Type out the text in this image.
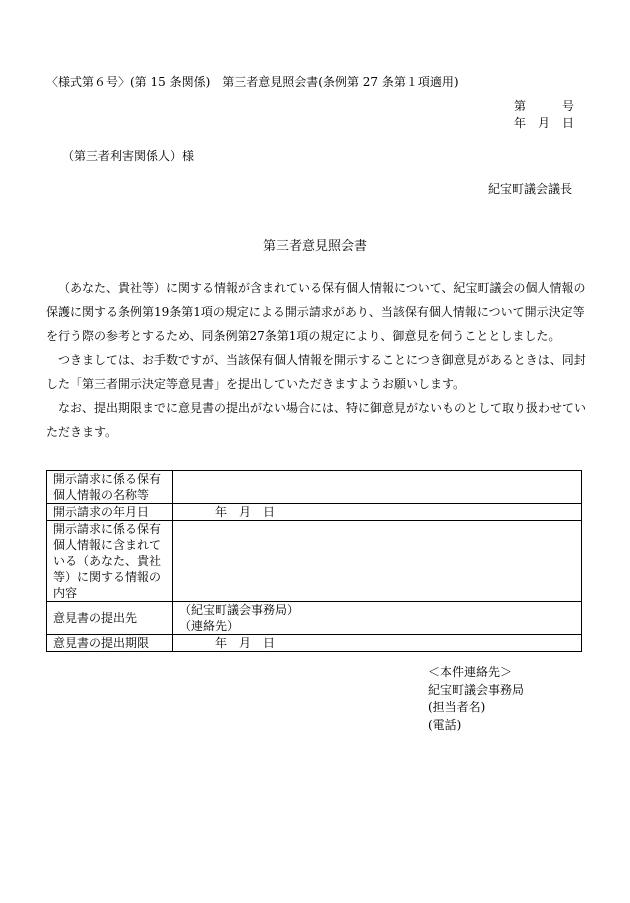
〈様式第６号〉(第 15 条関係)　第三者意見照会書(条例第 27 条第１項適用)
第　　　号
年　月　日
（第三者利害関係人）様
紀宝町議会議長
第三者意見照会書

（あなた、貴社等）に関する情報が含まれている保有個人情報について、紀宝町議会の個人情報の保護に関する条例第19条第1項の規定による開示請求があり、当該保有個人情報について開示決定等を行う際の参考とするため、同条例第27条第1項の規定により、御意見を伺うこととしました。

つきましては、お手数ですが、当該保有個人情報を開示することにつき御意見があるときは、同封した「第三者開示決定等意見書」を提出していただきますようお願いします。

なお、提出期限までに意見書の提出がない場合には、特に御意見がないものとして取り扱わせていただきます。

開示請求に係る保有個人情報の名称等	
開示請求の年月日	　　　年　月　日
開示請求に係る保有個人情報に含まれている（あなた、貴社等）に関する情報の内容	
意見書の提出先	（紀宝町議会事務局）
（連絡先）

意見書の提出期限	　　　年　月　日
＜本件連絡先＞
紀宝町議会事務局
(担当者名)
(電話)
